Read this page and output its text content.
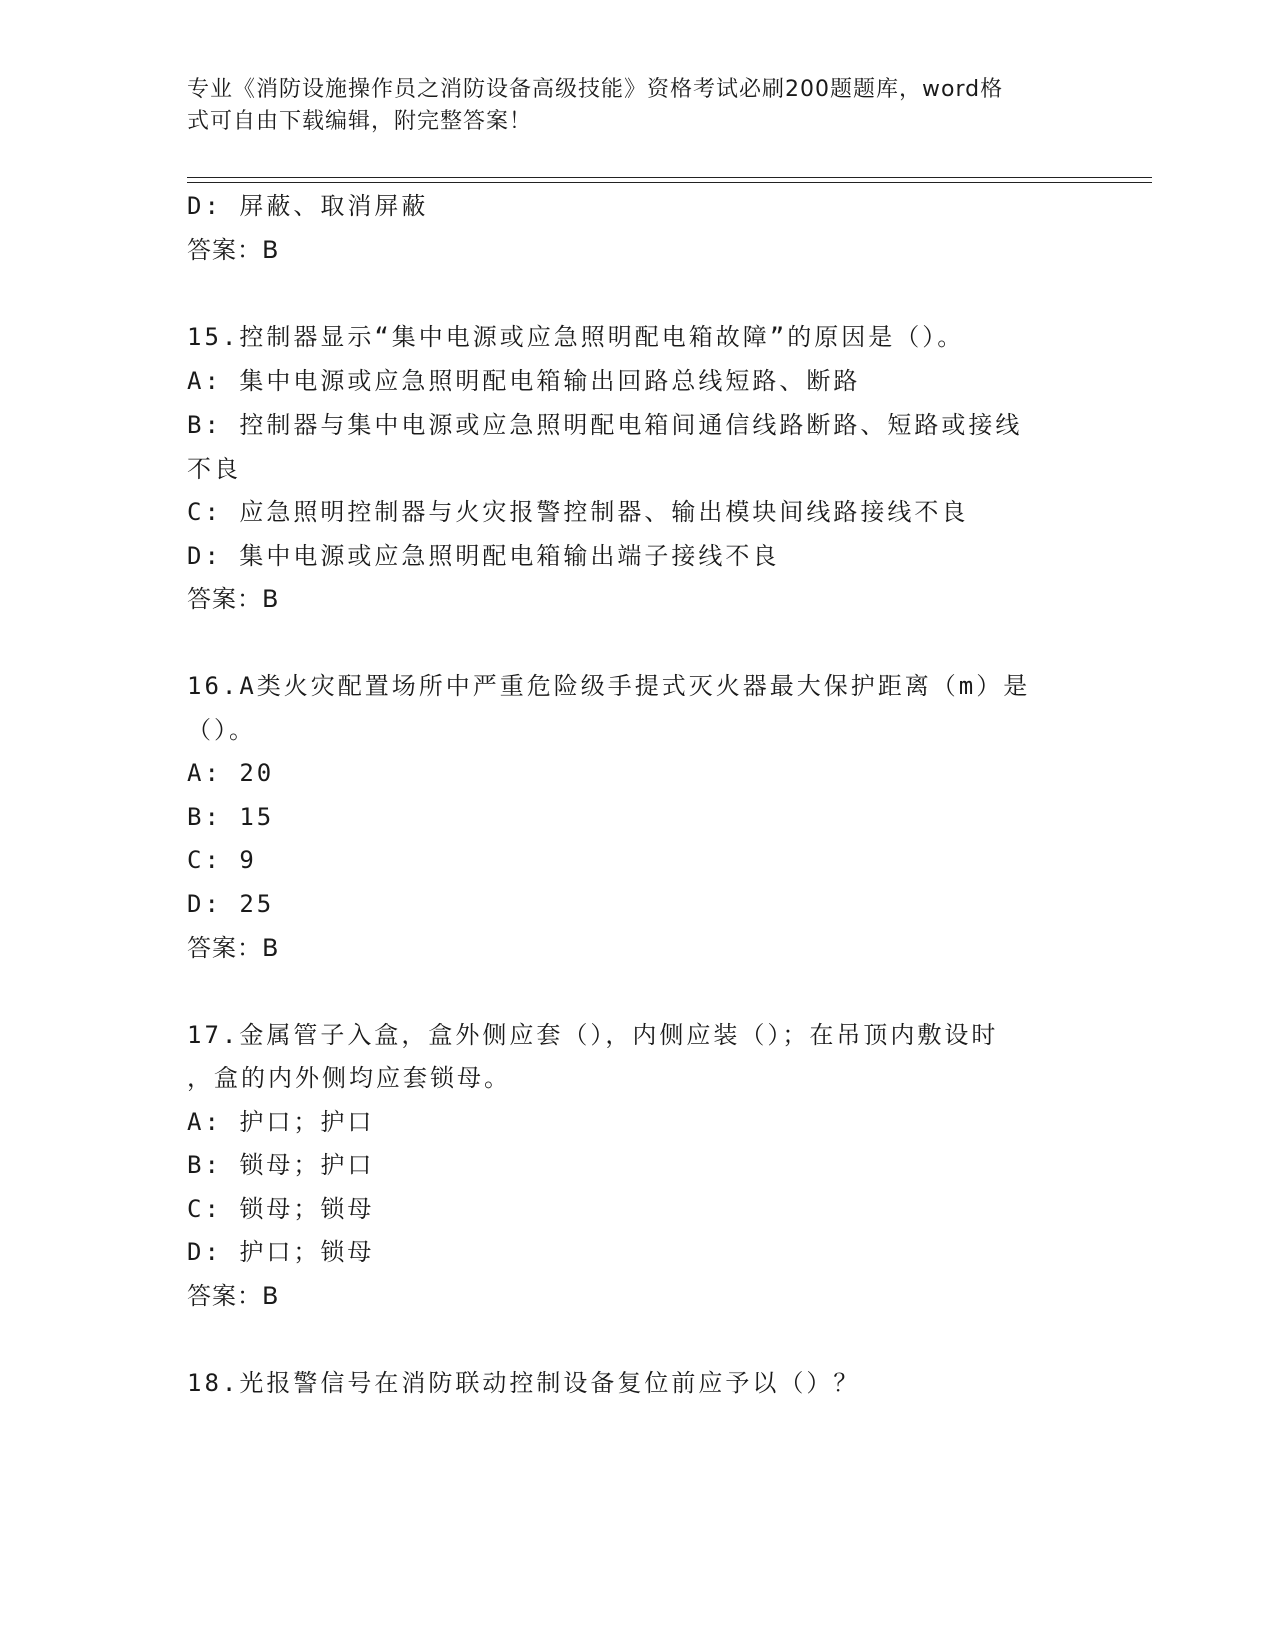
专业《消防设施操作员之消防设备高级技能》资格考试必刷200题题库，word格
式可自由下载编辑，附完整答案！
D: 屏蔽、取消屏蔽
答案：B
15.控制器显示“集中电源或应急照明配电箱故障”的原因是（）。
A: 集中电源或应急照明配电箱输出回路总线短路、断路
B: 控制器与集中电源或应急照明配电箱间通信线路断路、短路或接线
不良
C: 应急照明控制器与火灾报警控制器、输出模块间线路接线不良
D: 集中电源或应急照明配电箱输出端子接线不良
答案：B
16.A类火灾配置场所中严重危险级手提式灭火器最大保护距离（m）是
（）。
A: 20
B: 15
C: 9
D: 25
答案：B
17.金属管子入盒，盒外侧应套（），内侧应装（）；在吊顶内敷设时
，盒的内外侧均应套锁母。
A: 护口；护口
B: 锁母；护口
C: 锁母；锁母
D: 护口；锁母
答案：B
18.光报警信号在消防联动控制设备复位前应予以（）？
